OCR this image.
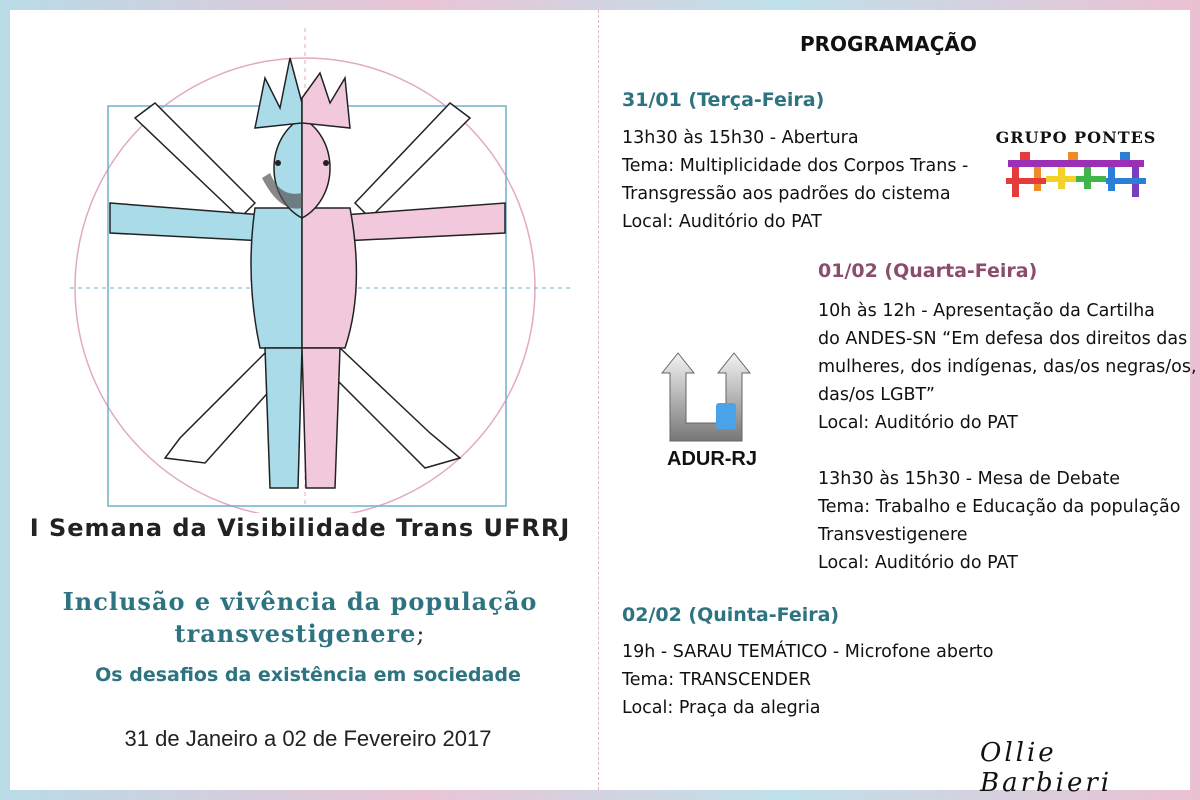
I Semana da Visibilidade Trans UFRRJ
Inclusão e vivência da população
transvestigenere;
Os desafios da existência em sociedade
31 de Janeiro a 02 de Fevereiro 2017
PROGRAMAÇÃO
31/01 (Terça-Feira)
13h30 às 15h30 - Abertura
Tema: Multiplicidade dos Corpos Trans -
Transgressão aos padrões do cistema
Local: Auditório do PAT
01/02 (Quarta-Feira)
10h às 12h - Apresentação da Cartilha
do ANDES-SN “Em defesa dos direitos das
mulheres, dos indígenas, das/os negras/os,
das/os LGBT”
Local: Auditório do PAT
13h30 às 15h30 - Mesa de Debate
Tema: Trabalho e Educação da população
Transvestigenere
Local: Auditório do PAT
02/02 (Quinta-Feira)
19h - SARAU TEMÁTICO - Microfone aberto
Tema: TRANSCENDER
Local: Praça da alegria
GRUPO PONTES
ADUR-RJ
Ollie Barbieri
